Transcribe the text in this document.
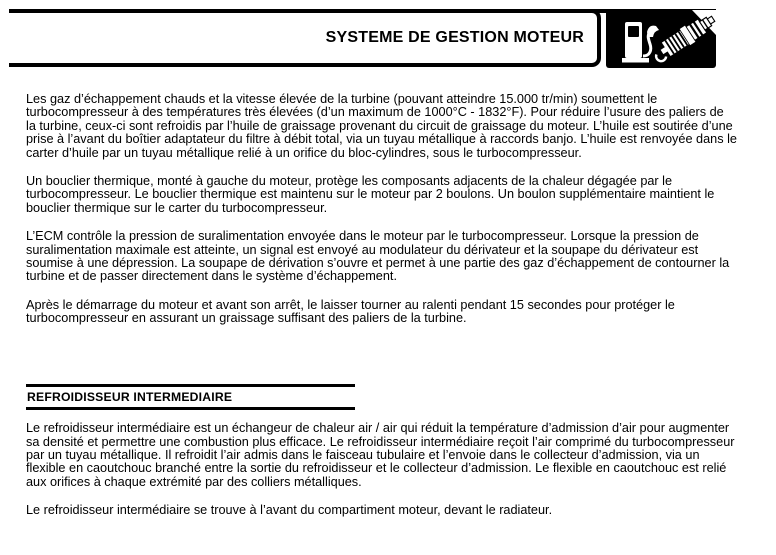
SYSTEME DE GESTION MOTEUR

Les gaz d’échappement chauds et la vitesse élevée de la turbine (pouvant atteindre 15.000 tr/min) soumettent le turbocompresseur à des températures très élevées (d’un maximum de 1000°C - 1832°F). Pour réduire l’usure des paliers de la turbine, ceux-ci sont refroidis par l’huile de graissage provenant du circuit de graissage du moteur. L’huile est soutirée d’une prise à l’avant du boîtier adaptateur du filtre à débit total, via un tuyau métallique à raccords banjo. L’huile est renvoyée dans le carter d’huile par un tuyau métallique relié à un orifice du bloc-cylindres, sous le turbocompresseur.

Un bouclier thermique, monté à gauche du moteur, protège les composants adjacents de la chaleur dégagée par le turbocompresseur. Le bouclier thermique est maintenu sur le moteur par 2 boulons. Un boulon supplémentaire maintient le bouclier thermique sur le carter du turbocompresseur.

L’ECM contrôle la pression de suralimentation envoyée dans le moteur par le turbocompresseur. Lorsque la pression de suralimentation maximale est atteinte, un signal est envoyé au modulateur du dérivateur et la soupape du dérivateur est soumise à une dépression. La soupape de dérivation s’ouvre et permet à une partie des gaz d’échappement de contourner la turbine et de passer directement dans le système d’échappement.

Après le démarrage du moteur et avant son arrêt, le laisser tourner au ralenti pendant 15 secondes pour protéger le turbocompresseur en assurant un graissage suffisant des paliers de la turbine.

REFROIDISSEUR INTERMEDIAIRE

Le refroidisseur intermédiaire est un échangeur de chaleur air / air qui réduit la température d’admission d’air pour augmenter sa densité et permettre une combustion plus efficace. Le refroidisseur intermédiaire reçoit l’air comprimé du turbocompresseur par un tuyau métallique. Il refroidit l’air admis dans le faisceau tubulaire et l’envoie dans le collecteur d’admission, via un flexible en caoutchouc branché entre la sortie du refroidisseur et le collecteur d’admission. Le flexible en caoutchouc est relié aux orifices à chaque extrémité par des colliers métalliques.

Le refroidisseur intermédiaire se trouve à l’avant du compartiment moteur, devant le radiateur.
